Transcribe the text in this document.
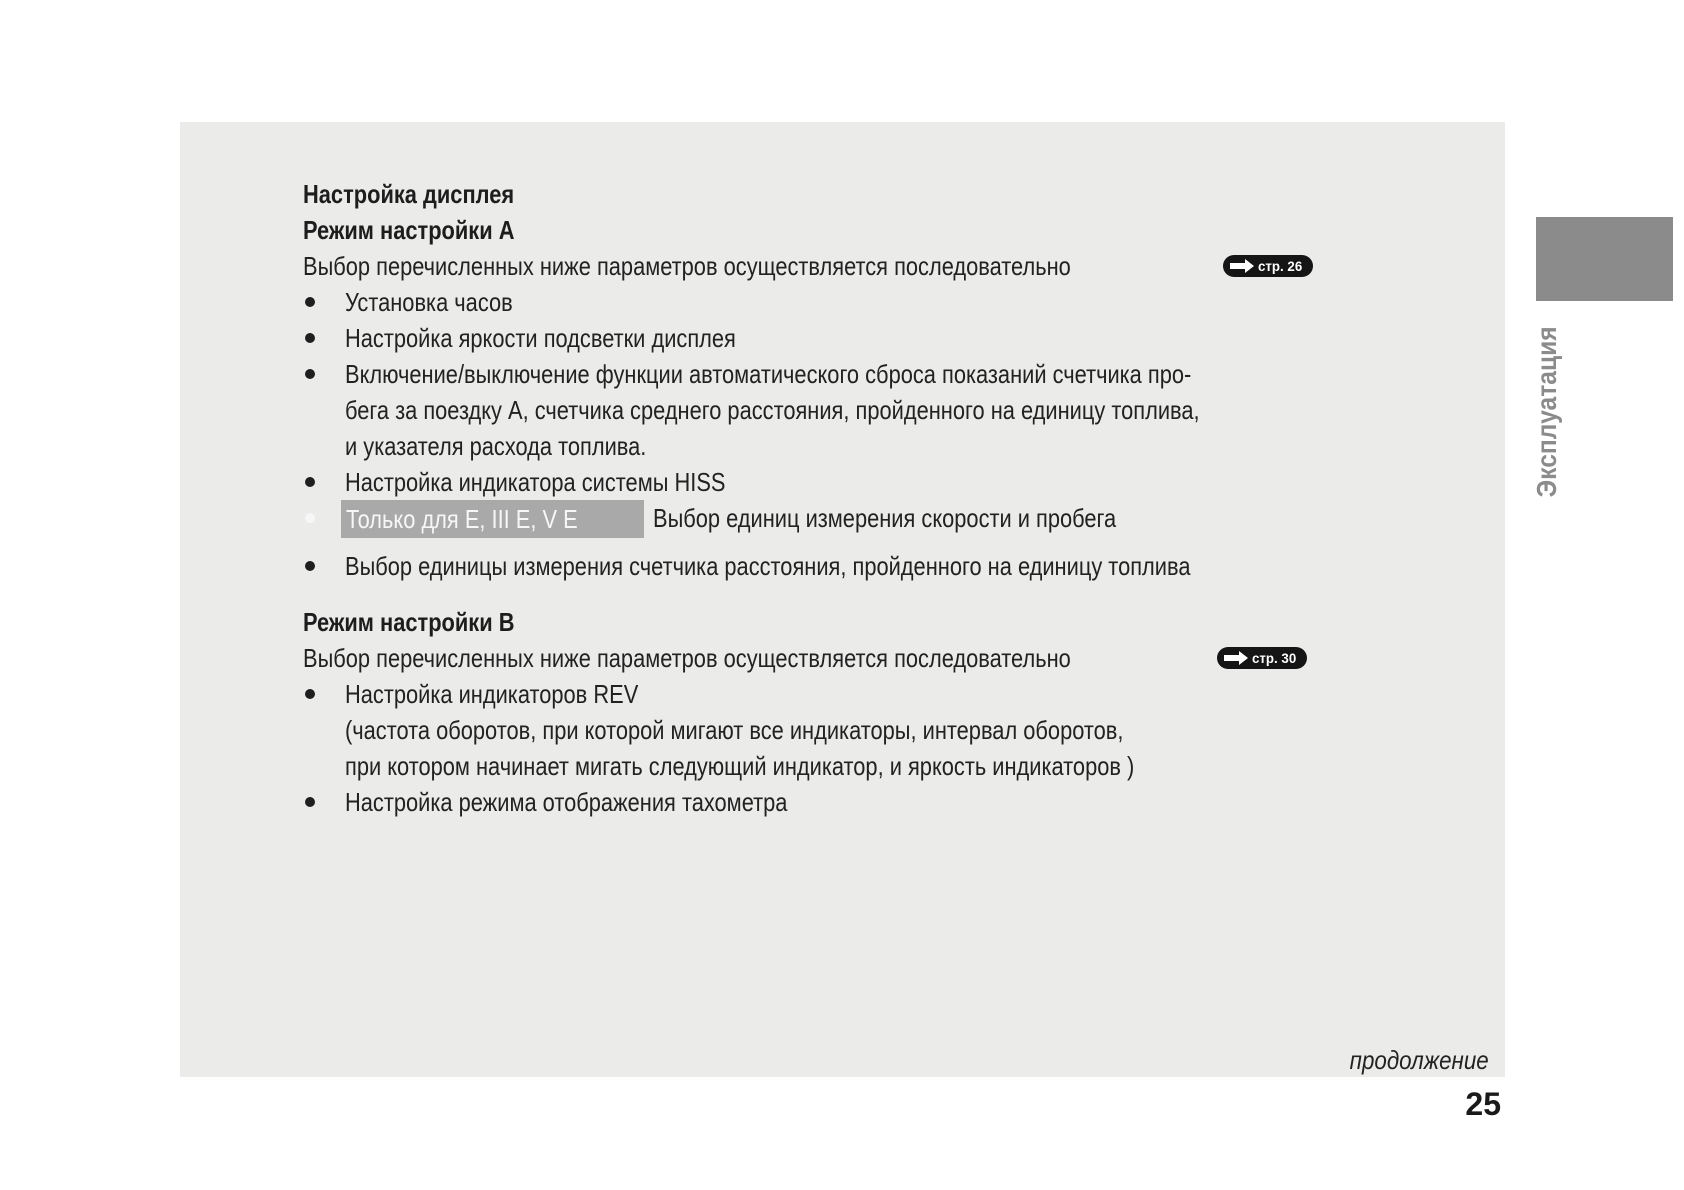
Настройка дисплея
Режим настройки A
Выбор перечисленных ниже параметров осуществляется последовательно	стр. 26
Установка часов
Настройка яркости подсветки дисплея
Включение/выключение функции автоматического сброса показаний счетчика про-
бега за поездку A, счетчика среднего расстояния, пройденного на единицу топлива,
и указателя расхода топлива.
Настройка индикатора системы HISS
Только для E, III E, V E	Выбор единиц измерения скорости и пробега
Выбор единицы измерения счетчика расстояния, пройденного на единицу топлива
Режим настройки B
Выбор перечисленных ниже параметров осуществляется последовательно	стр. 30
Настройка индикаторов REV
(частота оборотов, при которой мигают все индикаторы, интервал оборотов,
при котором начинает мигать следующий индикатор, и яркость индикаторов )
Настройка режима отображения тахометра
Эксплуатация
продолжение
25
